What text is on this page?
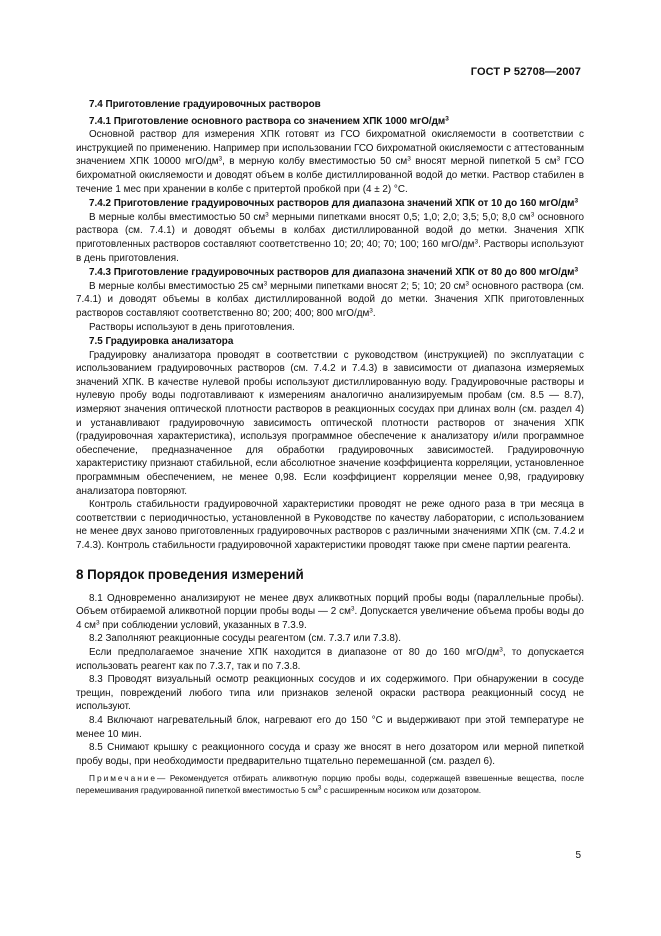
ГОСТ Р 52708—2007

7.4 Приготовление градуировочных растворов

7.4.1 Приготовление основного раствора со значением ХПК 1000 мгО/$дм^3$

Основной раствор для измерения ХПК готовят из ГСО бихроматной окисляемости в соответствии с инструкцией по применению. Например при использовании ГСО бихроматной окисляемости с аттестованным значением ХПК 10000 мгО/$дм^3$, в мерную колбу вместимостью 50 $см^3$ вносят мерной пипеткой 5 $см^3$ ГСО бихроматной окисляемости и доводят объем в колбе дистиллированной водой до метки. Раствор стабилен в течение 1 мес при хранении в колбе с притертой пробкой при (4 ± 2) °С.

7.4.2 Приготовление градуировочных растворов для диапазона значений ХПК от 10 до 160 мгО/$дм^3$

В мерные колбы вместимостью 50 $см^3$ мерными пипетками вносят 0,5; 1,0; 2,0; 3,5; 5,0; 8,0 $см^3$ основного раствора (см. 7.4.1) и доводят объемы в колбах дистиллированной водой до метки. Значения ХПК приготовленных растворов составляют соответственно 10; 20; 40; 70; 100; 160 мгО/$дм^3$. Растворы используют в день приготовления.

7.4.3 Приготовление градуировочных растворов для диапазона значений ХПК от 80 до 800 мгО/$дм^3$

В мерные колбы вместимостью 25 $см^3$ мерными пипетками вносят 2; 5; 10; 20 $см^3$ основного раствора (см. 7.4.1) и доводят объемы в колбах дистиллированной водой до метки. Значения ХПК приготовленных растворов составляют соответственно 80; 200; 400; 800 мгО/$дм^3$.

Растворы используют в день приготовления.

7.5 Градуировка анализатора

Градуировку анализатора проводят в соответствии с руководством (инструкцией) по эксплуатации с использованием градуировочных растворов (см. 7.4.2 и 7.4.3) в зависимости от диапазона измеряемых значений ХПК. В качестве нулевой пробы используют дистиллированную воду. Градуировочные растворы и нулевую пробу воды подготавливают к измерениям аналогично анализируемым пробам (см. 8.5 — 8.7), измеряют значения оптической плотности растворов в реакционных сосудах при длинах волн (см. раздел 4) и устанавливают градуировочную зависимость оптической плотности растворов от значения ХПК (градуировочная характеристика), используя программное обеспечение к анализатору и/или программное обеспечение, предназначенное для обработки градуировочных зависимостей. Градуировочную характеристику признают стабильной, если абсолютное значение коэффициента корреляции, установленное программным обеспечением, не менее 0,98. Если коэффициент корреляции менее 0,98, градуировку анализатора повторяют.

Контроль стабильности градуировочной характеристики проводят не реже одного раза в три месяца в соответствии с периодичностью, установленной в Руководстве по качеству лаборатории, с использованием не менее двух заново приготовленных градуировочных растворов с различными значениями ХПК (см. 7.4.2 и 7.4.3). Контроль стабильности градуировочной характеристики проводят также при смене партии реагента.

8 Порядок проведения измерений

8.1 Одновременно анализируют не менее двух аликвотных порций пробы воды (параллельные пробы). Объем отбираемой аликвотной порции пробы воды — 2 $см^3$. Допускается увеличение объема пробы воды до 4 $см^3$ при соблюдении условий, указанных в 7.3.9.

8.2 Заполняют реакционные сосуды реагентом (см. 7.3.7 или 7.3.8).

Если предполагаемое значение ХПК находится в диапазоне от 80 до 160 мгО/$дм^3$, то допускается использовать реагент как по 7.3.7, так и по 7.3.8.

8.3 Проводят визуальный осмотр реакционных сосудов и их содержимого. При обнаружении в сосуде трещин, повреждений любого типа или признаков зеленой окраски раствора реакционный сосуд не используют.

8.4 Включают нагревательный блок, нагревают его до 150 °С и выдерживают при этой температуре не менее 10 мин.

8.5 Снимают крышку с реакционного сосуда и сразу же вносят в него дозатором или мерной пипеткой пробу воды, при необходимости предварительно тщательно перемешанной (см. раздел 6).

Примечание— Рекомендуется отбирать аликвотную порцию пробы воды, содержащей взвешенные вещества, после перемешивания градуированной пипеткой вместимостью 5 $см^3$ с расширенным носиком или дозатором.

5
